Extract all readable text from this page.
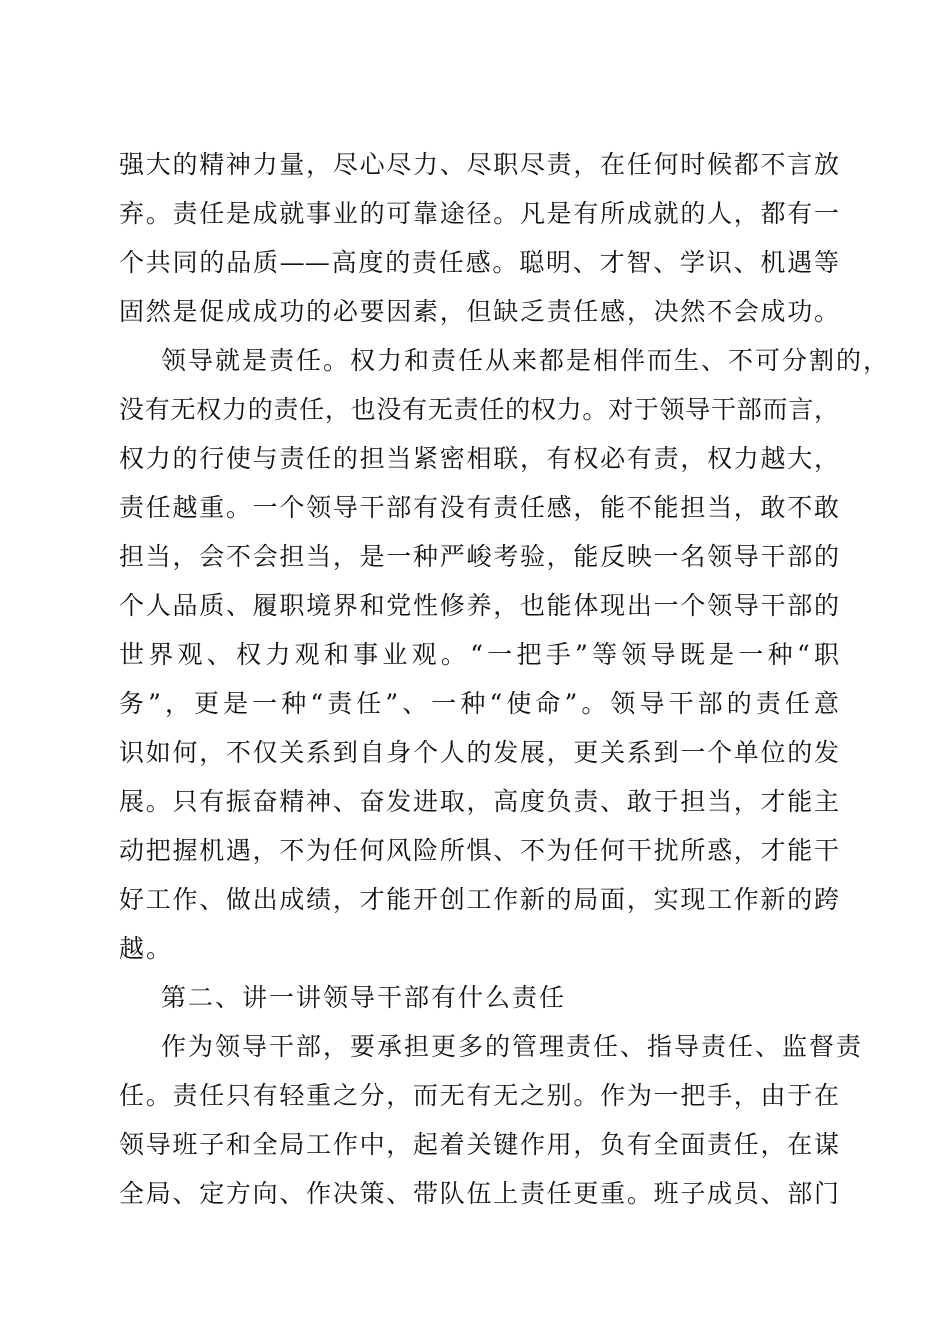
强大的精神力量，尽心尽力、尽职尽责，在任何时候都不言放
弃。责任是成就事业的可靠途径。凡是有所成就的人，都有一
个共同的品质——高度的责任感。聪明、才智、学识、机遇等
固然是促成成功的必要因素，但缺乏责任感，决然不会成功。
领导就是责任。权力和责任从来都是相伴而生、不可分割的，
没有无权力的责任，也没有无责任的权力。对于领导干部而言，
权力的行使与责任的担当紧密相联，有权必有责，权力越大，
责任越重。一个领导干部有没有责任感，能不能担当，敢不敢
担当，会不会担当，是一种严峻考验，能反映一名领导干部的
个人品质、履职境界和党性修养，也能体现出一个领导干部的
世界观、权力观和事业观。“一把手”等领导既是一种“职
务”，更是一种“责任”、一种“使命”。领导干部的责任意
识如何，不仅关系到自身个人的发展，更关系到一个单位的发
展。只有振奋精神、奋发进取，高度负责、敢于担当，才能主
动把握机遇，不为任何风险所惧、不为任何干扰所惑，才能干
好工作、做出成绩，才能开创工作新的局面，实现工作新的跨
越。
第二、讲一讲领导干部有什么责任
作为领导干部，要承担更多的管理责任、指导责任、监督责
任。责任只有轻重之分，而无有无之别。作为一把手，由于在
领导班子和全局工作中，起着关键作用，负有全面责任，在谋
全局、定方向、作决策、带队伍上责任更重。班子成员、部门
